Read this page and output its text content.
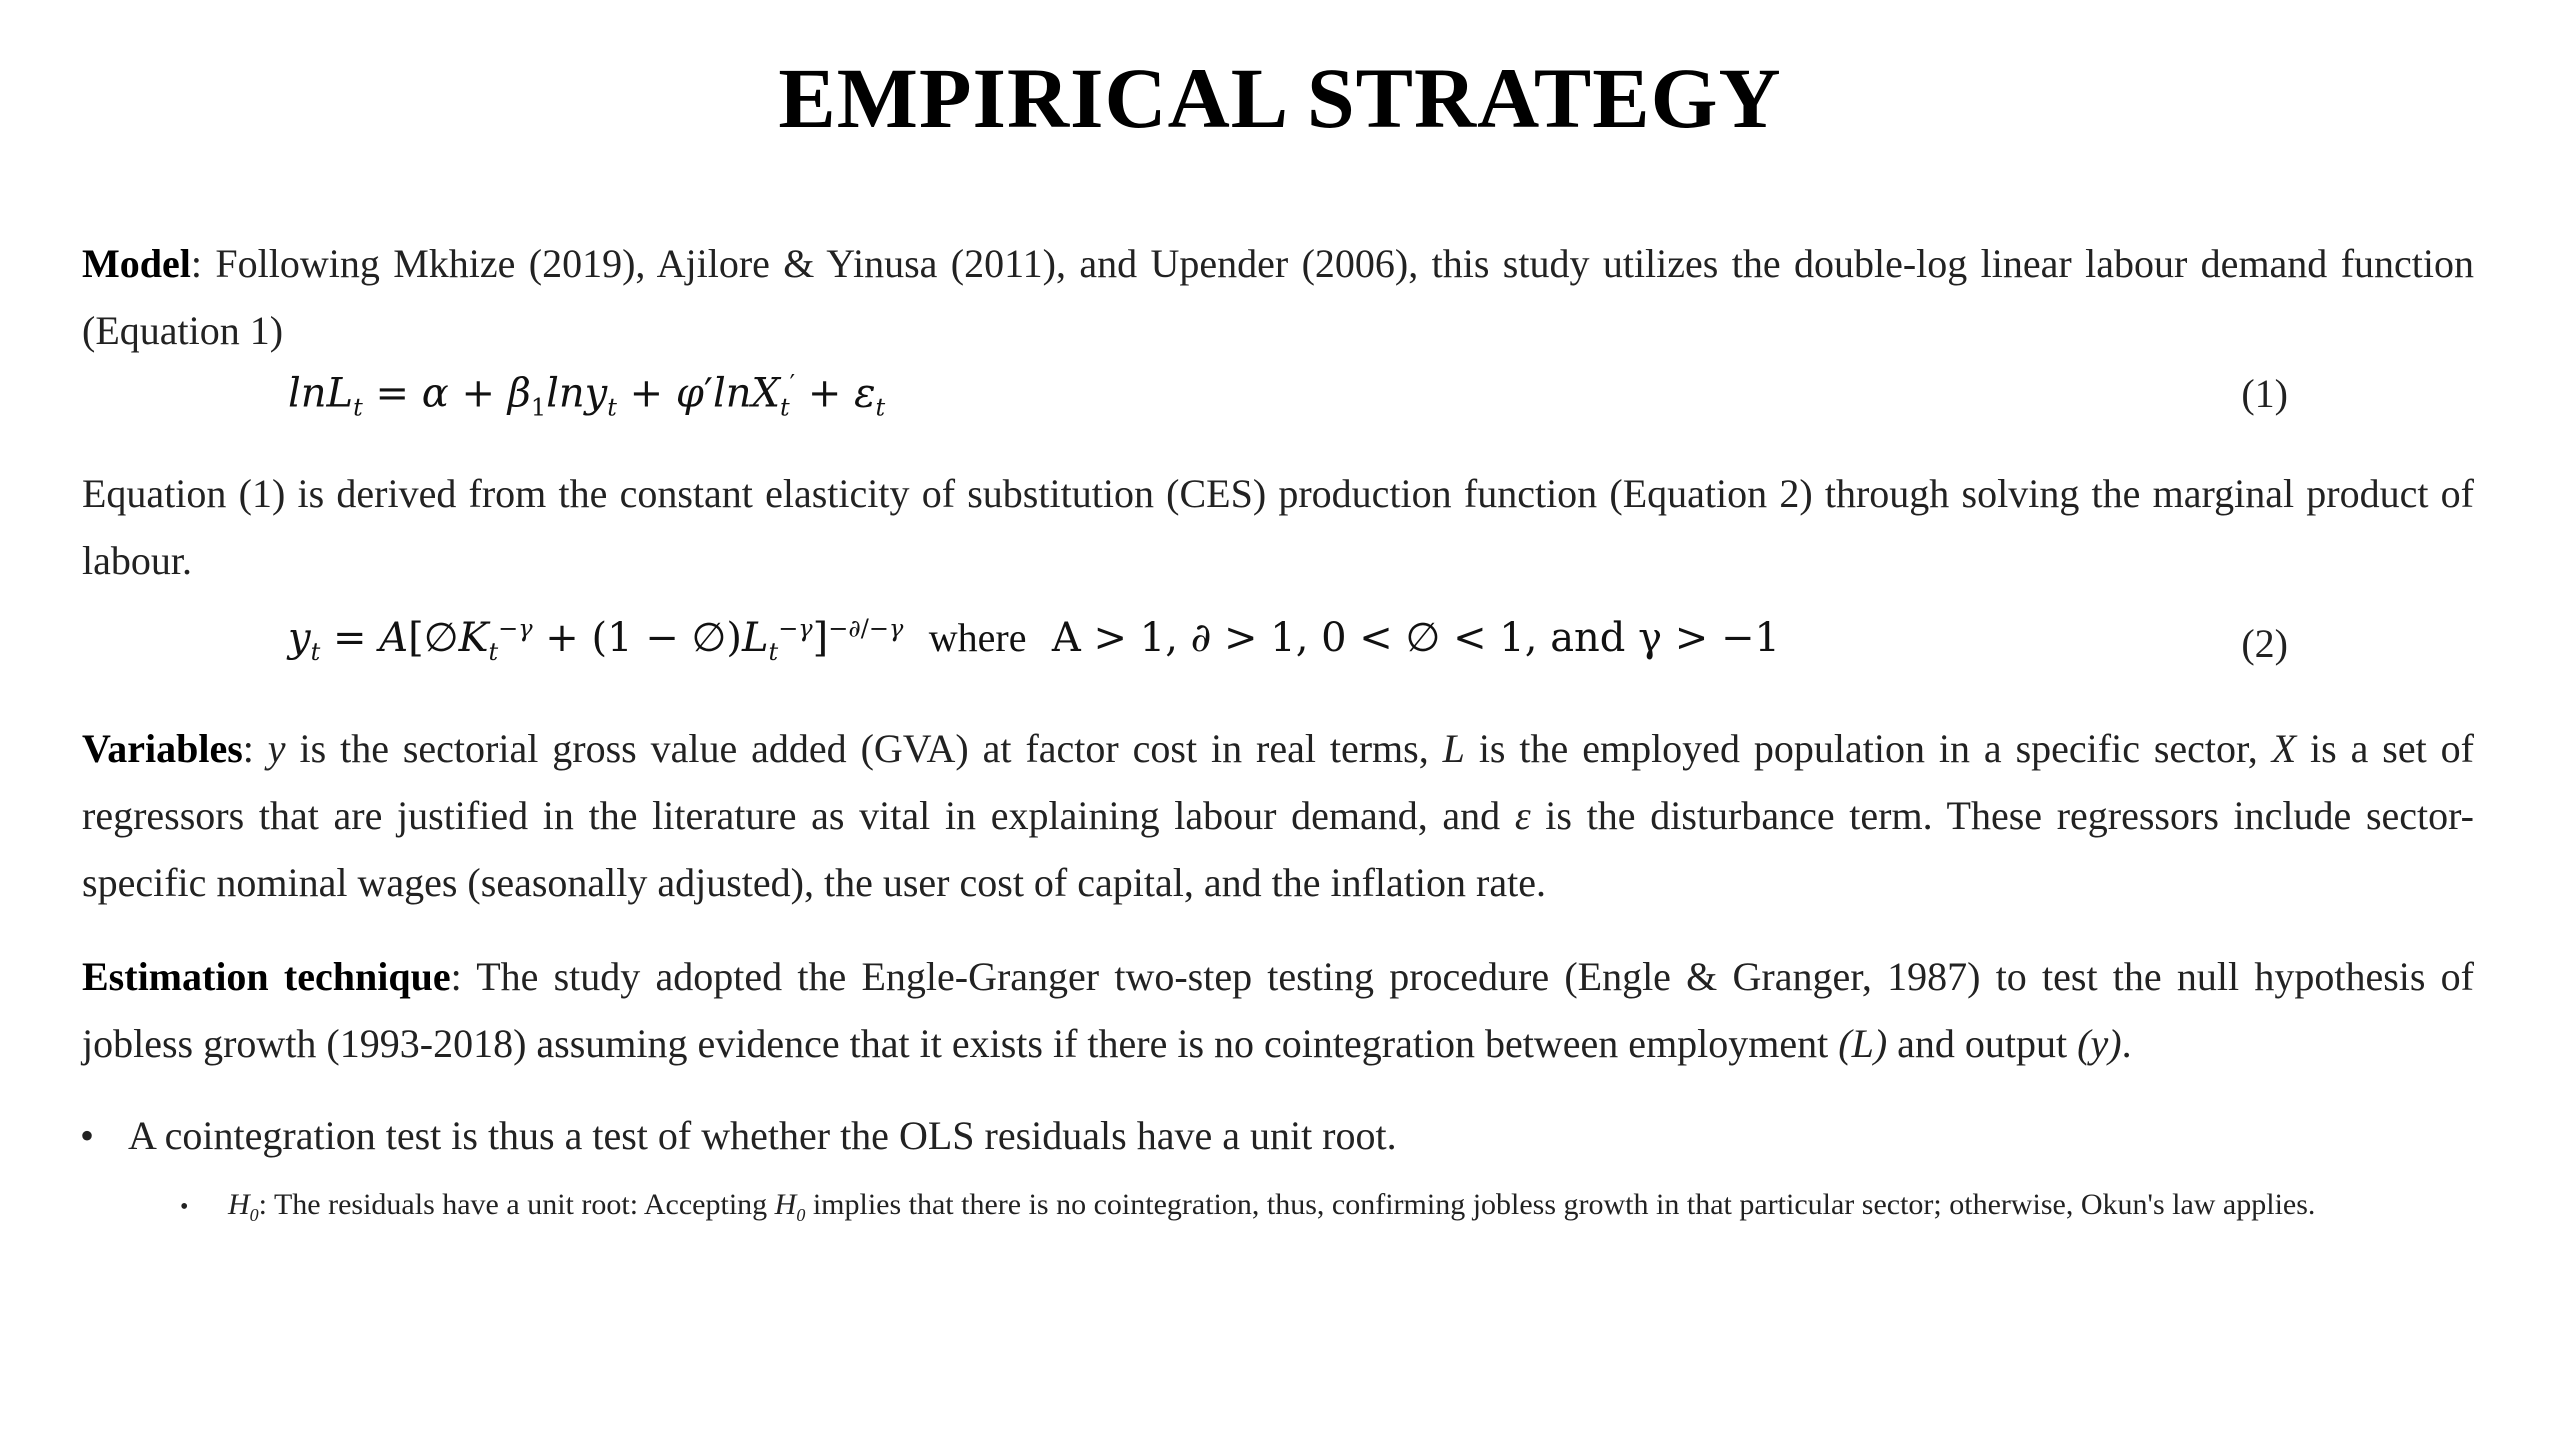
EMPIRICAL STRATEGY
Model: Following Mkhize (2019), Ajilore & Yinusa (2011), and Upender (2006), this study utilizes the double-log linear labour demand function (Equation 1)
$\ln L_t = \alpha + \beta_1\ln y_t + \varphi'\ln X_t' + \varepsilon_t$	(1)
Equation (1) is derived from the constant elasticity of substitution (CES) production function (Equation 2) through solving the marginal product of labour.
$y_t$ = $A[\emptyset K_t^{-\gamma} + (1$ − $\emptyset)L_t^{-\gamma}]^{-\partial/-\gamma}$ where A > 1, ∂ > 1, 0 < ∅ < 1, and γ > −1	(2)
Variables: y is the sectorial gross value added (GVA) at factor cost in real terms, L is the employed population in a specific sector, X is a set of regressors that are justified in the literature as vital in explaining labour demand, and ε is the disturbance term. These regressors include sector-specific nominal wages (seasonally adjusted), the user cost of capital, and the inflation rate.
Estimation technique: The study adopted the Engle-Granger two-step testing procedure (Engle & Granger, 1987) to test the null hypothesis of jobless growth (1993-2018) assuming evidence that it exists if there is no cointegration between employment (L) and output (y).
• A cointegration test is thus a test of whether the OLS residuals have a unit root.
• $H_0$: The residuals have a unit root: Accepting $H_0$ implies that there is no cointegration, thus, confirming jobless growth in that particular sector; otherwise, Okun's law applies.
